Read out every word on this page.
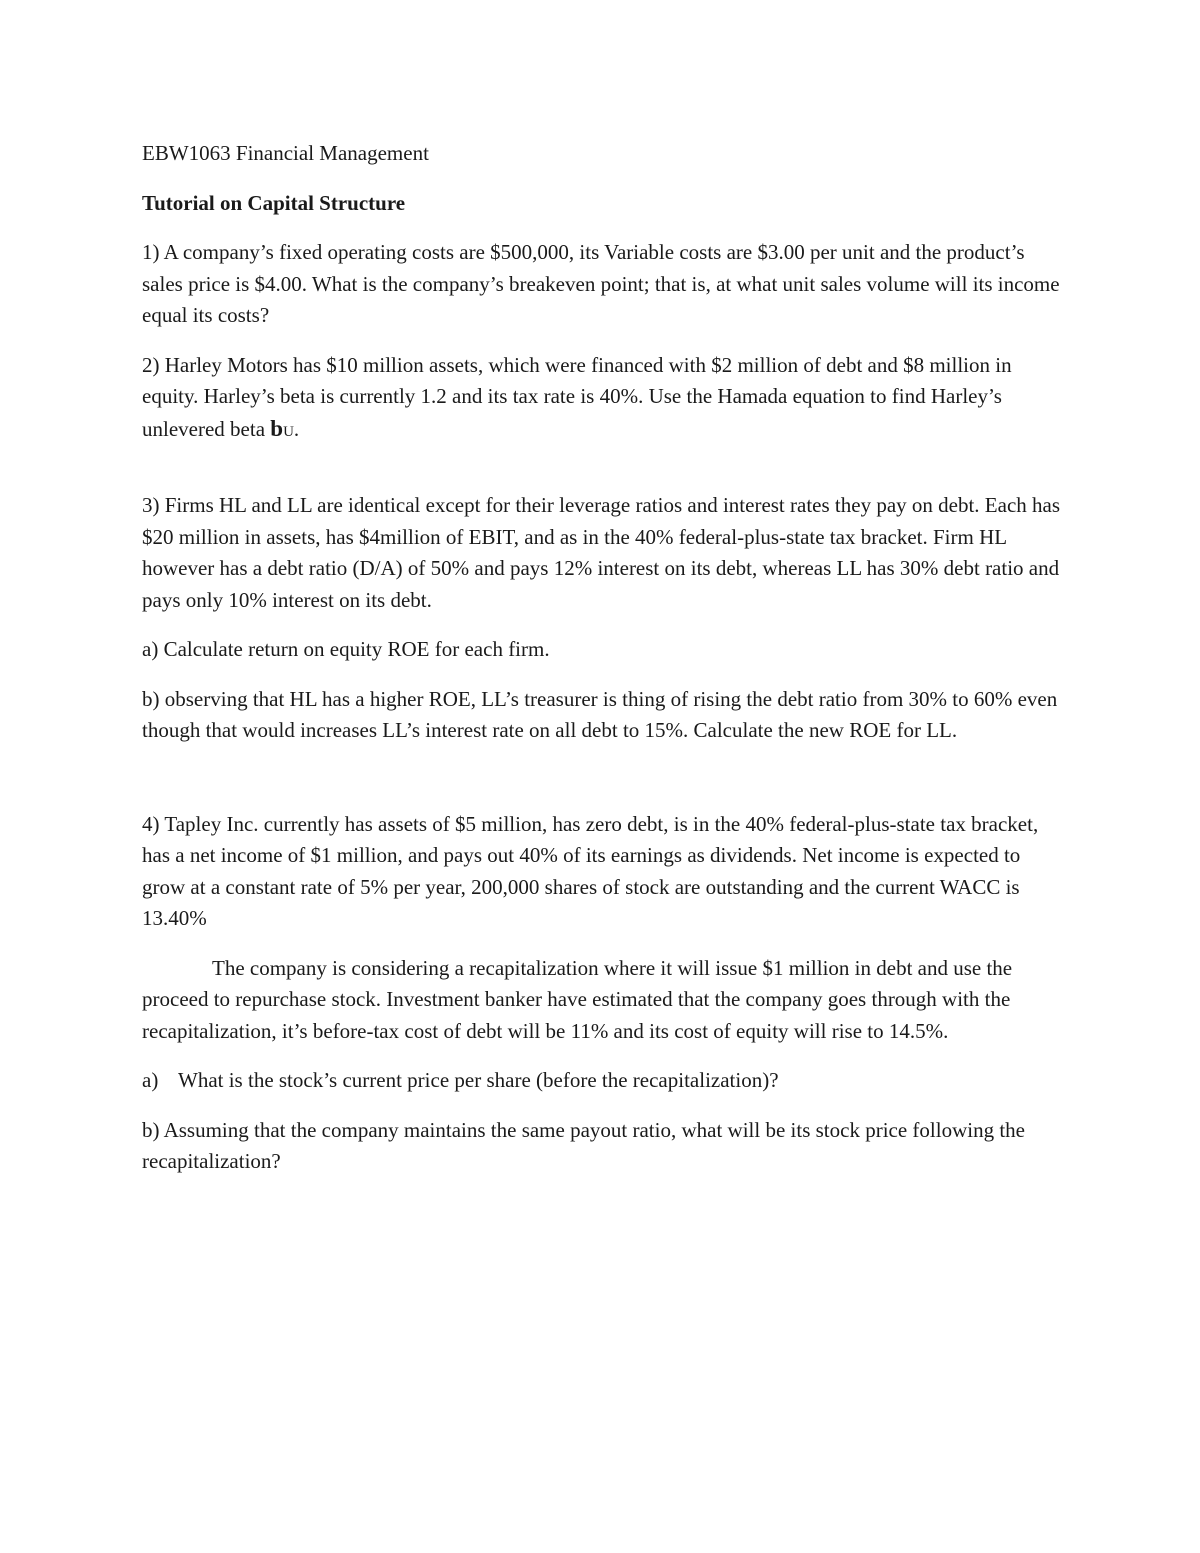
EBW1063 Financial Management

Tutorial on Capital Structure

1) A company’s fixed operating costs are $500,000, its Variable costs are $3.00 per unit and the product’s sales price is $4.00. What is the company’s breakeven point; that is, at what unit sales volume will its income equal its costs?

2) Harley Motors has $10 million assets, which were financed with $2 million of debt and $8 million in equity. Harley’s beta is currently 1.2 and its tax rate is 40%. Use the Hamada equation to find Harley’s unlevered beta bU.

3) Firms HL and LL are identical except for their leverage ratios and interest rates they pay on debt. Each has $20 million in assets, has $4million of EBIT, and as in the 40% federal-plus-state tax bracket. Firm HL however has a debt ratio (D/A) of 50% and pays 12% interest on its debt, whereas LL has 30% debt ratio and pays only 10% interest on its debt.

a) Calculate return on equity ROE for each firm.

b) observing that HL has a higher ROE, LL’s treasurer is thing of rising the debt ratio from 30% to 60% even though that would increases LL’s interest rate on all debt to 15%. Calculate the new ROE for LL.

4) Tapley Inc. currently has assets of $5 million, has zero debt, is in the 40% federal-plus-state tax bracket, has a net income of $1 million, and pays out 40% of its earnings as dividends. Net income is expected to grow at a constant rate of 5% per year, 200,000 shares of stock are outstanding and the current WACC is 13.40%

The company is considering a recapitalization where it will issue $1 million in debt and use the proceed to repurchase stock. Investment banker have estimated that the company goes through with the recapitalization, it’s before-tax cost of debt will be 11% and its cost of equity will rise to 14.5%.

a) What is the stock’s current price per share (before the recapitalization)?

b) Assuming that the company maintains the same payout ratio, what will be its stock price following the recapitalization?
